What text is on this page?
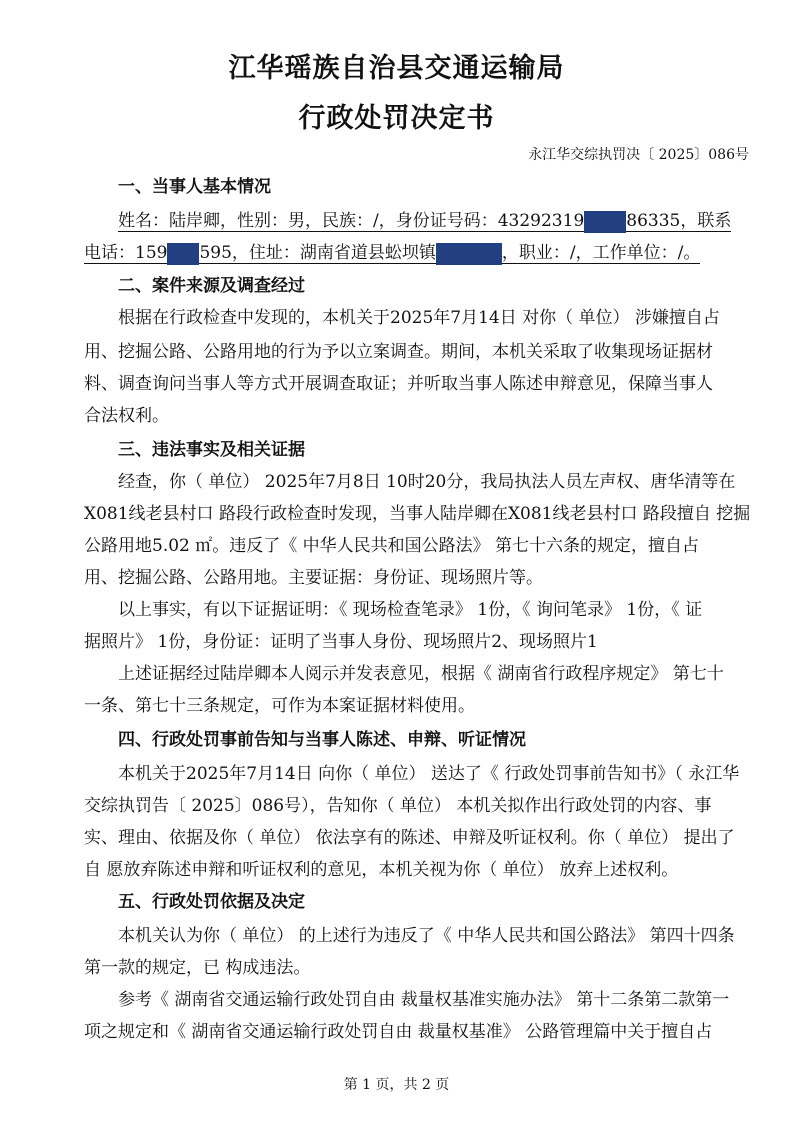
江华瑶族自治县交通运输局
行政处罚决定书
永江华交综执罚决〔 2025〕086号
一、当事人基本情况
姓名：陆岸卿，性别：男，民族：/，身份证号码：43292319 86335，联系
电话：159 595，住址：湖南省道县蚣坝镇	，职业：/，工作单位：/。
二、案件来源及调查经过
根据在行政检查中发现的，本机关于2025年7月14日 对你（ 单位） 涉嫌擅自占
用、挖掘公路、公路用地的行为予以立案调查。期间，本机关采取了收集现场证据材
料、调查询问当事人等方式开展调查取证；并听取当事人陈述申辩意见，保障当事人
合法权利。
三、违法事实及相关证据
经查，你（ 单位） 2025年7月8日 10时20分，我局执法人员左声权、唐华清等在
X081线老县村口 路段行政检查时发现，当事人陆岸卿在X081线老县村口 路段擅自 挖掘
公路用地5.02 ㎡。违反了《 中华人民共和国公路法》 第七十六条的规定，擅自占
用、挖掘公路、公路用地。主要证据：身份证、现场照片等。
以上事实，有以下证据证明：《 现场检查笔录》 1份，《 询问笔录》 1份，《 证
据照片》 1份，身份证：证明了当事人身份、现场照片2、现场照片1
上述证据经过陆岸卿本人阅示并发表意见，根据《 湖南省行政程序规定》 第七十
一条、第七十三条规定，可作为本案证据材料使用。
四、行政处罚事前告知与当事人陈述、申辩、听证情况
本机关于2025年7月14日 向你（ 单位） 送达了《 行政处罚事前告知书》（ 永江华
交综执罚告〔 2025〕086号），告知你（ 单位） 本机关拟作出行政处罚的内容、事
实、理由、依据及你（ 单位） 依法享有的陈述、申辩及听证权利。你（ 单位） 提出了
自 愿放弃陈述申辩和听证权利的意见，本机关视为你（ 单位） 放弃上述权利。
五、行政处罚依据及决定
本机关认为你（ 单位） 的上述行为违反了《 中华人民共和国公路法》 第四十四条
第一款的规定，已 构成违法。
参考《 湖南省交通运输行政处罚自由 裁量权基准实施办法》 第十二条第二款第一
项之规定和《 湖南省交通运输行政处罚自由 裁量权基准》 公路管理篇中关于擅自占
第 1 页，共 2 页
